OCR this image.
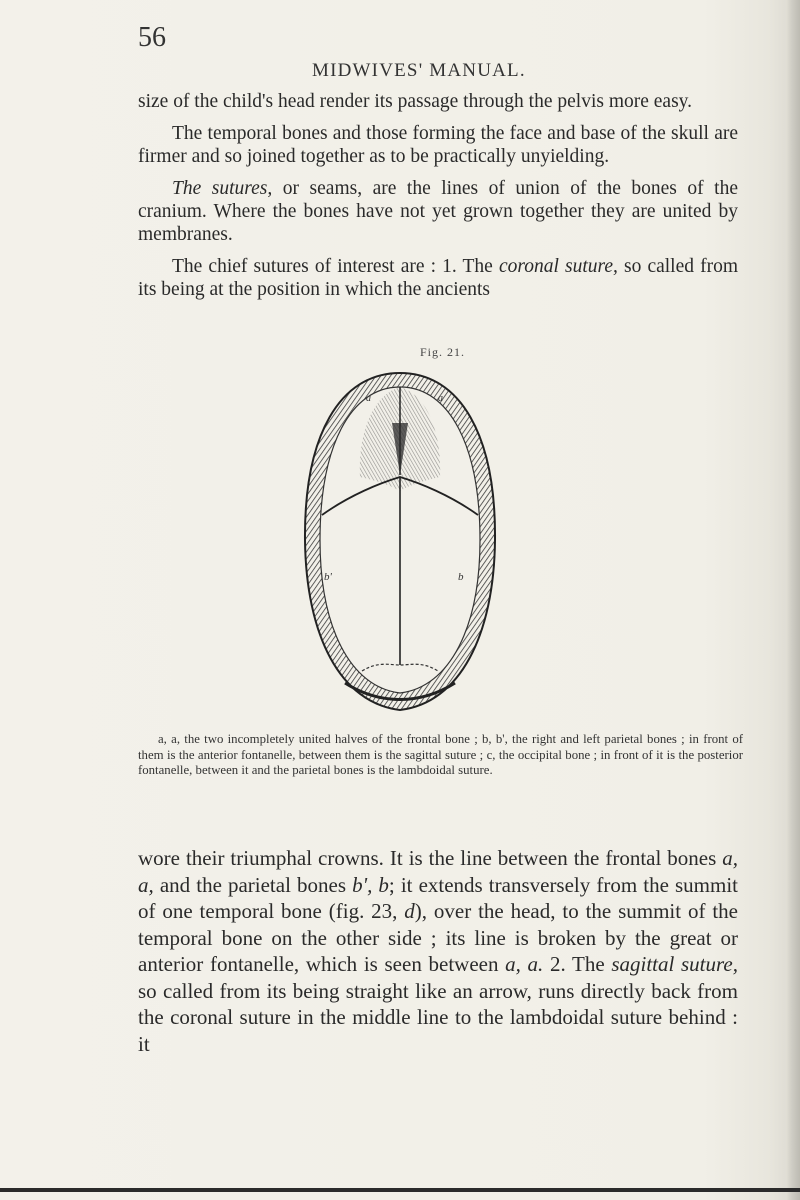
56
MIDWIVES' MANUAL.

size of the child's head render its passage through the pelvis more easy.

The temporal bones and those forming the face and base of the skull are firmer and so joined together as to be practically unyielding.

The sutures, or seams, are the lines of union of the bones of the cranium. Where the bones have not yet grown together they are united by membranes.

The chief sutures of interest are : 1. The coronal suture, so called from its being at the position in which the ancients

Fig. 21.
a	a
b'	b

a, a, the two incompletely united halves of the frontal bone ; b, b', the right and left parietal bones ; in front of them is the anterior fontanelle, between them is the sagittal suture ; c, the occipital bone ; in front of it is the posterior fontanelle, between it and the parietal bones is the lambdoidal suture.

wore their triumphal crowns. It is the line between the frontal bones a, a, and the parietal bones b', b; it extends transversely from the summit of one temporal bone (fig. 23, d), over the head, to the summit of the temporal bone on the other side ; its line is broken by the great or anterior fontanelle, which is seen between a, a. 2. The sagittal suture, so called from its being straight like an arrow, runs directly back from the coronal suture in the middle line to the lambdoidal suture behind : it
